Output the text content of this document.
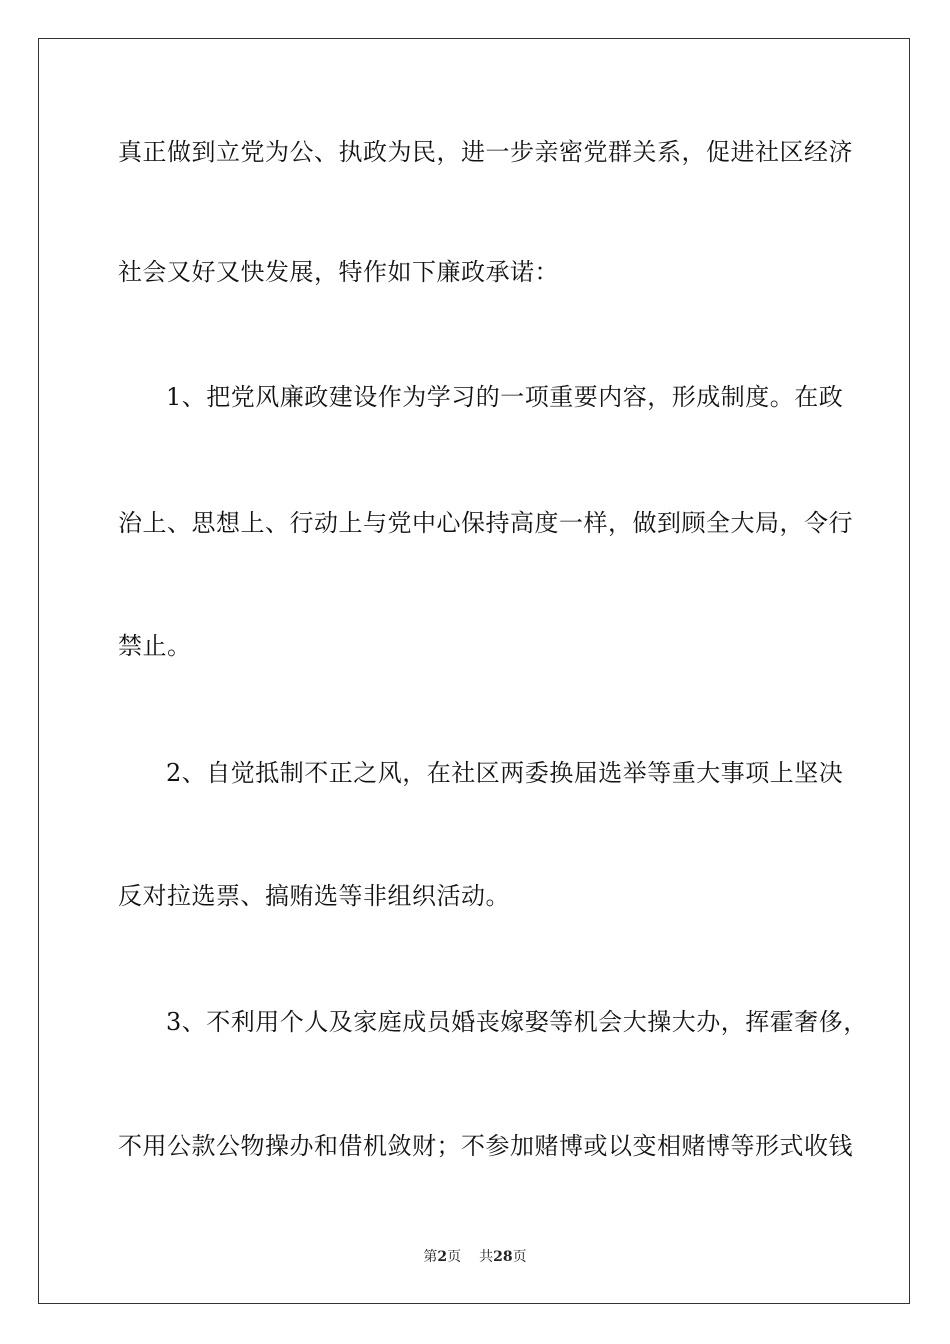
真正做到立党为公、执政为民，进一步亲密党群关系，促进社区经济
社会又好又快发展，特作如下廉政承诺：
1、把党风廉政建设作为学习的一项重要内容，形成制度。在政
治上、思想上、行动上与党中心保持高度一样，做到顾全大局，令行
禁止。
2、自觉抵制不正之风，在社区两委换届选举等重大事项上坚决
反对拉选票、搞贿选等非组织活动。
3、不利用个人及家庭成员婚丧嫁娶等机会大操大办，挥霍奢侈，
不用公款公物操办和借机敛财；不参加赌博或以变相赌博等形式收钱
第2页 共28页
